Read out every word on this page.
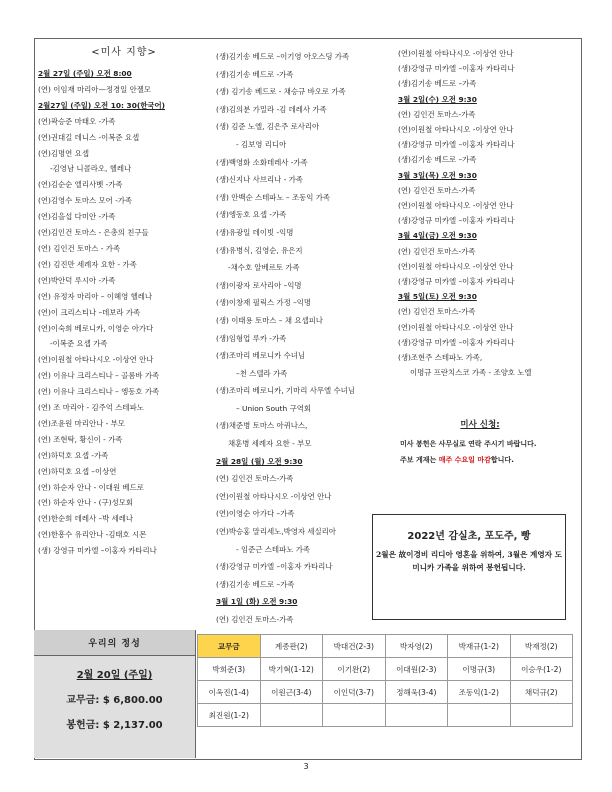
<미사 지향>
2월 27일 (주일) 오전 8:00
(연) 이임재 마리아—정경일 안젤모
2월27일 (주일) 오전 10: 30(한국어)
(연)곽승준 마태오 -가족
(연)권대길 데니스 -이복준 요셉
(연)김명연 요셉
-김영남 니콜라오, 헬레나
(연)김순순 엘리사벳 -가족
(연)김영수 토마스 모어 -가족
(연)김을섭 다미안 -가족
(연)김인건 토마스 - 은총의 친구들
(연) 김인건 토마스 - 가족
(연) 김진만 세례자 요한 - 가족
(연)박안덕 루시아 -가족
(연) 유정자 마리아 – 이혜영 헬레나
(연)이 크리스티나 –데보라 가족
(연)이숙희 베로니카, 이영순 아가다
-이복준 요셉 가족
(연)이원철 아타나시오 -이상연 안나
(연) 이유나 크리스티나 – 골롬바 가족
(연) 이유나 크리스티나 – 엥동호 가족
(연) 조 마리아 - 김주억 스테파노
(연)조윤원 마리안나 - 부모
(연) 조현탁, 황신이 - 가족
(연)하덕호 요셉 -가족
(연)하덕호 요셉 –이상연
(연) 하순자 안나 - 이대원 베드로
(연) 하순자 안나 - (구)성모회
(연)한순희 데레사 –박 세레나
(연)한흥수 유리안나 -김태호 시몬
(생) 강영규 미카엘 –이홍자 카타리나
(생)김기송 베드로 –이기영 아오스딩 가족
(생)김기송 베드로 -가족
(생) 김기송 베드로 - 채승규 바오로 가족
(생)김의분 가밀라 -김 데레사 가족
(생) 김준 노엘, 김은주 로사리아
- 김보영 리디아
(생)백영화 소화데레사 -가족
(생)신지나 사브리나 - 가족
(생) 안백순 스테파노 – 조동익 가족
(생)엥동호 요셉 -가족
(생)유광일 데이빗 -익명
(생)유병식, 김영순, 유은지
-채수호 알베르토 가족
(생)이광자 로사리아 –익명
(생)이창재 필릭스 가정 –익명
(생) 이태용 토마스 – 채 요셉피나
(생)임형업 루카 -가족
(생)조마리 베로니카 수녀님
–천 스텔라 가족
(생)조마리 베로니카, 기마리 사무엘 수녀님
– Union South 구역회
(생)채준병 토마스 아퀴나스,
채훈병 세례자 요한 - 부모
2월 28일 (월) 오전 9:30
(연) 김인건 토마스-가족
(연)이원철 아타나시오 -이상연 안나
(연)이영순 아가다 –가족
(연)박승홍 말리세노,박영자 세실리아
- 임준근 스테파노 가족
(생)강영규 미카엘 –이홍자 카타리나
(생)김기송 베드로 –가족
3월 1일 (화) 오전 9:30
(연) 김인건 토마스-가족
(연)이원철 아타나시오 -이상연 안나
(생)강영규 미카엘 –이홍자 카타리나
(생)김기송 베드로 –가족
3월 2일(수) 오전 9:30
(연) 김인건 토마스-가족
(연)이원철 아타나시오 -이상연 안나
(생)강영규 미카엘 –이홍자 카타리나
(생)김기송 베드로 –가족
3월 3일(목) 오전 9:30
(연) 김인건 토마스-가족
(연)이원철 아타나시오 -이상연 안나
(생)강영규 미카엘 –이홍자 카타리나
3월 4일(금) 오전 9:30
(연) 김인건 토마스-가족
(연)이원철 아타나시오 -이상연 안나
(생)강영규 미카엘 –이홍자 카타리나
3월 5일(토) 오전 9:30
(연) 김인건 토마스-가족
(연)이원철 아타나시오 -이상연 안나
(생)강영규 미카엘 –이홍자 카타리나
(생)조현주 스테파노 가족,
이명규 프란치스코 가족 - 조양호 노엘
미사 신청:
미사 봉헌은 사무실로 연락 주시기 바랍니다.
주보 게재는 매주 수요일 마감합니다.
2022년 감실초, 포도주, 빵
2월은 故이경비 리디아 영혼을 위하여, 3월은 계영자 도미니카 가족을 위하여 봉헌됩니다.
우리의 정성
2월 20일 (주일)
교무금: $ 6,800.00
봉헌금: $ 2,137.00
교무금	계종판(2)	박대건(2-3)	박자영(2)	박재규(1-2)	박재정(2)
박희준(3)	박기혁(1-12)	이기완(2)	이대원(2-3)	이명규(3)	이승우(1-2)
이옥진(1-4)	이원근(3-4)	이인덕(3-7)	정해욱(3-4)	조동익(1-2)	채덕규(2)
최진원(1-2)					
3
